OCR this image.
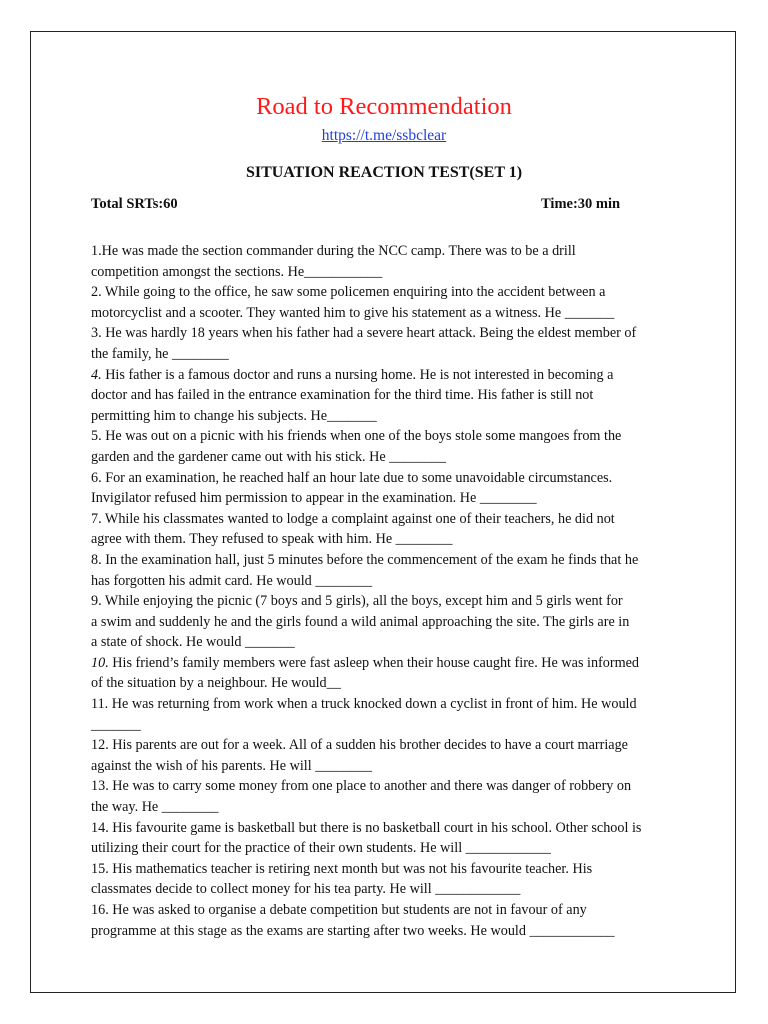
Road to Recommendation
https://t.me/ssbclear
SITUATION REACTION TEST(SET 1)
Total SRTs:60	Time:30 min
1.He was made the section commander during the NCC camp. There was to be a drill
competition amongst the sections. He___________
2. While going to the office, he saw some policemen enquiring into the accident between a
motorcyclist and a scooter. They wanted him to give his statement as a witness. He _______
3. He was hardly 18 years when his father had a severe heart attack. Being the eldest member of
the family, he ________
4. His father is a famous doctor and runs a nursing home. He is not interested in becoming a
doctor and has failed in the entrance examination for the third time. His father is still not
permitting him to change his subjects. He_______
5. He was out on a picnic with his friends when one of the boys stole some mangoes from the
garden and the gardener came out with his stick. He ________
6. For an examination, he reached half an hour late due to some unavoidable circumstances.
Invigilator refused him permission to appear in the examination. He ________
7. While his classmates wanted to lodge a complaint against one of their teachers, he did not
agree with them. They refused to speak with him. He ________
8. In the examination hall, just 5 minutes before the commencement of the exam he finds that he
has forgotten his admit card. He would ________
9. While enjoying the picnic (7 boys and 5 girls), all the boys, except him and 5 girls went for
a swim and suddenly he and the girls found a wild animal approaching the site. The girls are in
a state of shock. He would _______
10. His friend’s family members were fast asleep when their house caught fire. He was informed
of the situation by a neighbour. He would__
11. He was returning from work when a truck knocked down a cyclist in front of him. He would
_______
12. His parents are out for a week. All of a sudden his brother decides to have a court marriage
against the wish of his parents. He will ________
13. He was to carry some money from one place to another and there was danger of robbery on
the way. He ________
14. His favourite game is basketball but there is no basketball court in his school. Other school is
utilizing their court for the practice of their own students. He will ____________
15. His mathematics teacher is retiring next month but was not his favourite teacher. His
classmates decide to collect money for his tea party. He will ____________
16. He was asked to organise a debate competition but students are not in favour of any
programme at this stage as the exams are starting after two weeks. He would ____________
